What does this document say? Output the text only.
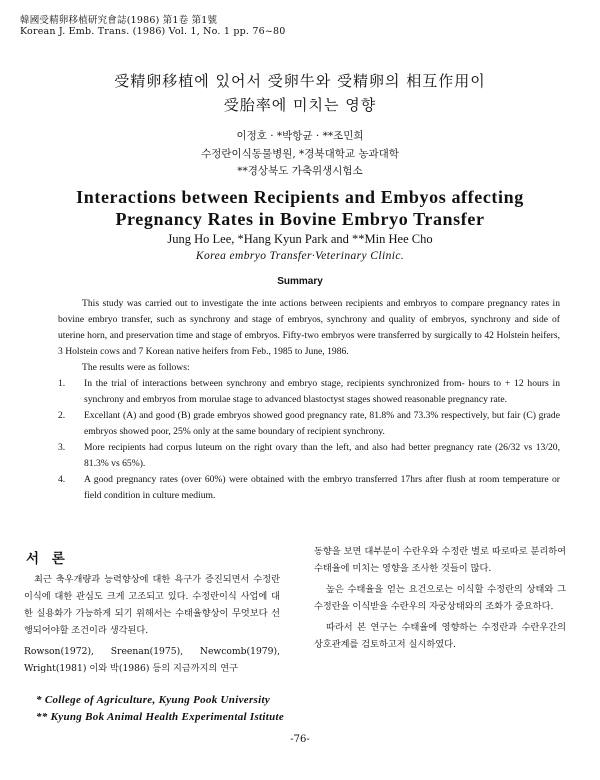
韓國受精卵移植研究會誌(1986) 第1卷 第1號
Korean J. Emb. Trans. (1986) Vol. 1, No. 1 pp. 76~80
受精卵移植에 있어서 受卵牛와 受精卵의 相互作用이
受胎率에 미치는 영향
이정호 · *박항균 · **조민희
수정란이식동물병원, *경북대학교 농과대학
**경상북도 가축위생시험소
Interactions between Recipients and Embyos affecting
Pregnancy Rates in Bovine Embryo Transfer
Jung Ho Lee, *Hang Kyun Park and **Min Hee Cho
Korea embryo Transfer·Veterinary Clinic.
Summary

This study was carried out to investigate the inte actions between recipients and embryos to compare pregnancy rates in bovine embryo transfer, such as synchrony and stage of embryos, synchrony and quality of embryos, synchrony and side of uterine horn, and preservation time and stage of embryos. Fifty-two embryos were transferred by surgically to 42 Holstein heifers, 3 Holstein cows and 7 Korean native heifers from Feb., 1985 to June, 1986.

The results were as follows:

1. In the trial of interactions between synchrony and embryo stage, recipients synchronized from- hours to + 12 hours in synchrony and embryos from morulae stage to advanced blastoctyst stages showed reasonable pregnancy rate.
2. Excellant (A) and good (B) grade embryos showed good pregnancy rate, 81.8% and 73.3% respectively, but fair (C) grade embryos showed poor, 25% only at the same boundary of recipient synchrony.
3. More recipients had corpus luteum on the right ovary than the left, and also had better pregnancy rate (26/32 vs 13/20, 81.3% vs 65%).
4. A good pregnancy rates (over 60%) were obtained with the embryo transferred 17hrs after flush at room temperature or field condition in culture medium.
서 론

최근 축우개량과 능력향상에 대한 욕구가 증진되면서 수정란이식에 대한 관심도 크게 고조되고 있다. 수정란이식 사업에 대한 실용화가 가능하게 되기 위해서는 수태율향상이 무엇보다 선행되어야할 조건이라 생각된다.

Rowson(1972), Sreenan(1975), Newcomb(1979), Wright(1981) 이와 박(1986) 등의 지금까지의 연구

동향을 보면 대부분이 수란우와 수정란 별로 따로따로 분리하여 수태율에 미치는 영향을 조사한 것들이 많다.

높은 수태율을 얻는 요건으로는 이식할 수정란의 상태와 그 수정란을 이식받을 수란우의 자궁상태와의 조화가 중요하다.

따라서 본 연구는 수태율에 영향하는 수정란과 수란우간의 상호관계를 검토하고저 실시하였다.

* College of Agriculture, Kyung Pook University
** Kyung Bok Animal Health Experimental Istitute
-76-
